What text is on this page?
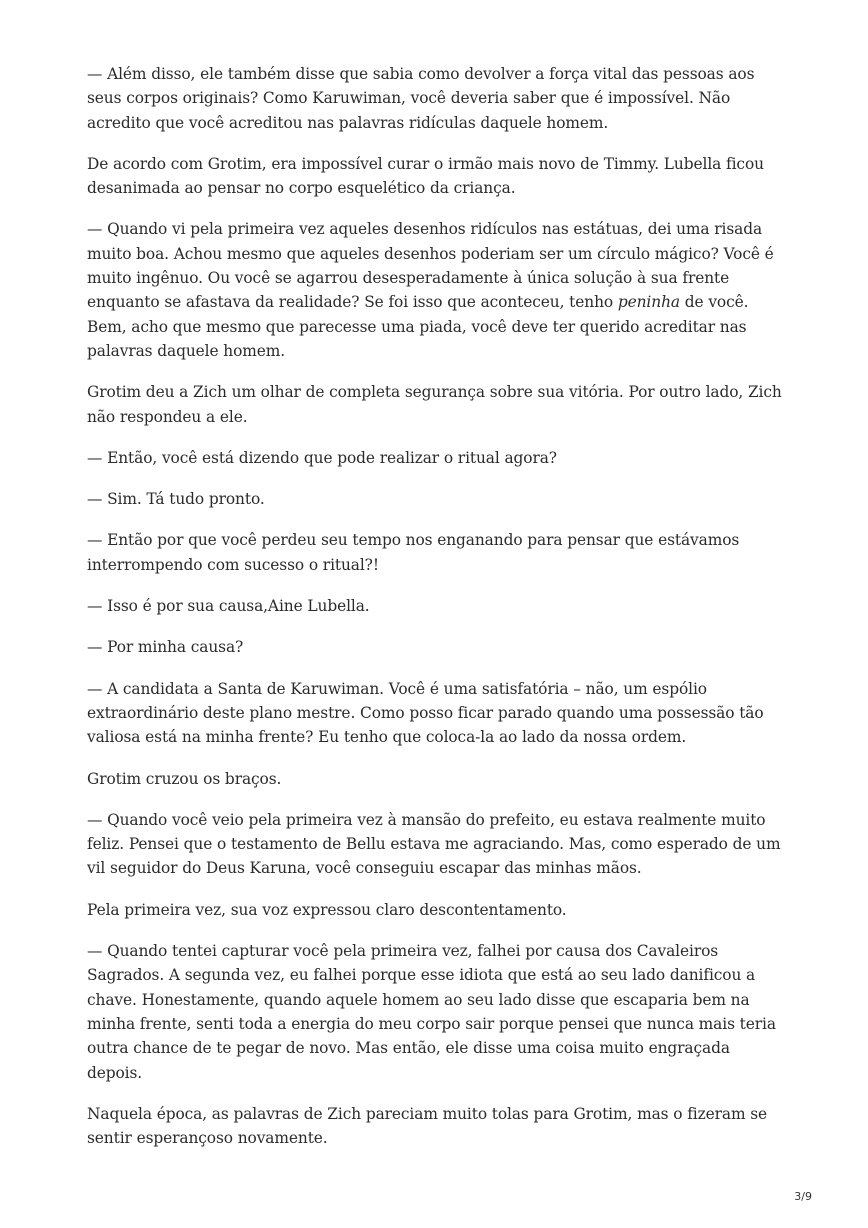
— Além disso, ele também disse que sabia como devolver a força vital das pessoas aos seus corpos originais? Como Karuwiman, você deveria saber que é impossível. Não acredito que você acreditou nas palavras ridículas daquele homem.

De acordo com Grotim, era impossível curar o irmão mais novo de Timmy. Lubella ficou desanimada ao pensar no corpo esquelético da criança.

— Quando vi pela primeira vez aqueles desenhos ridículos nas estátuas, dei uma risada muito boa. Achou mesmo que aqueles desenhos poderiam ser um círculo mágico? Você é muito ingênuo. Ou você se agarrou desesperadamente à única solução à sua frente enquanto se afastava da realidade? Se foi isso que aconteceu, tenho peninha de você. Bem, acho que mesmo que parecesse uma piada, você deve ter querido acreditar nas palavras daquele homem.

Grotim deu a Zich um olhar de completa segurança sobre sua vitória. Por outro lado, Zich não respondeu a ele.

— Então, você está dizendo que pode realizar o ritual agora?

— Sim. Tá tudo pronto.

— Então por que você perdeu seu tempo nos enganando para pensar que estávamos interrompendo com sucesso o ritual?!

— Isso é por sua causa,Aine Lubella.

— Por minha causa?

— A candidata a Santa de Karuwiman. Você é uma satisfatória – não, um espólio extraordinário deste plano mestre. Como posso ficar parado quando uma possessão tão valiosa está na minha frente? Eu tenho que coloca-la ao lado da nossa ordem.

Grotim cruzou os braços.

— Quando você veio pela primeira vez à mansão do prefeito, eu estava realmente muito feliz. Pensei que o testamento de Bellu estava me agraciando. Mas, como esperado de um vil seguidor do Deus Karuna, você conseguiu escapar das minhas mãos.

Pela primeira vez, sua voz expressou claro descontentamento.

— Quando tentei capturar você pela primeira vez, falhei por causa dos Cavaleiros Sagrados. A segunda vez, eu falhei porque esse idiota que está ao seu lado danificou a chave. Honestamente, quando aquele homem ao seu lado disse que escaparia bem na minha frente, senti toda a energia do meu corpo sair porque pensei que nunca mais teria outra chance de te pegar de novo. Mas então, ele disse uma coisa muito engraçada depois.

Naquela época, as palavras de Zich pareciam muito tolas para Grotim, mas o fizeram se sentir esperançoso novamente.

3/9
